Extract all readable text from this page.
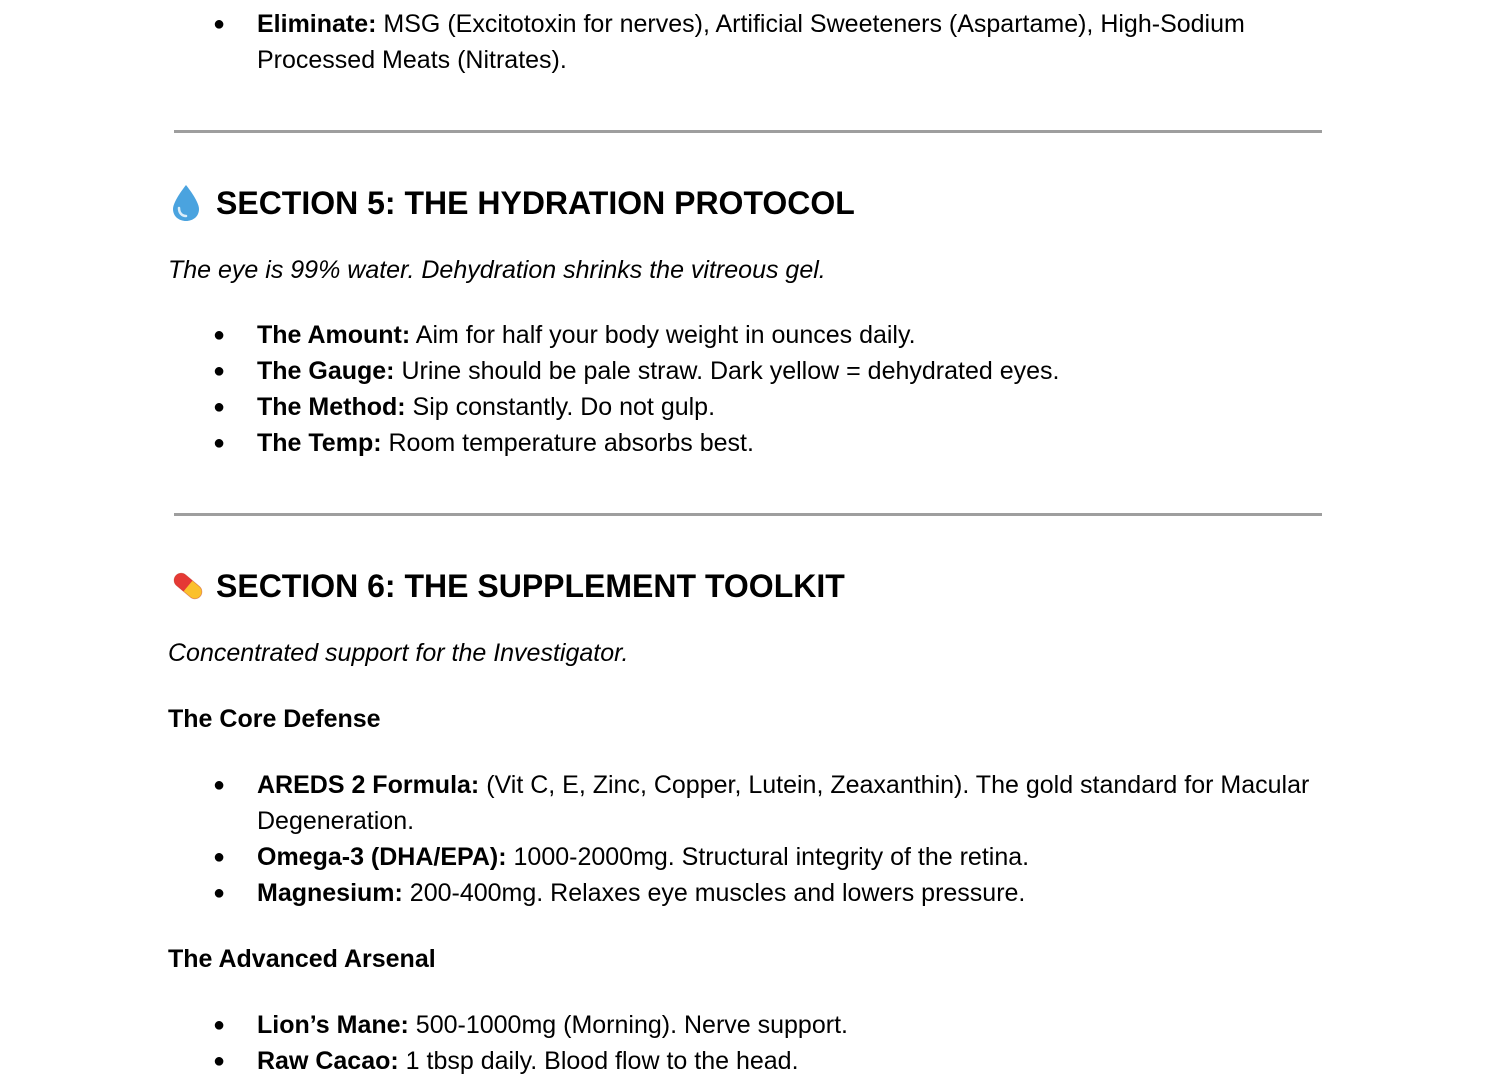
● Eliminate: MSG (Excitotoxin for nerves), Artificial Sweeteners (Aspartame), High-Sodium Processed Meats (Nitrates).
SECTION 5: THE HYDRATION PROTOCOL
The eye is 99% water. Dehydration shrinks the vitreous gel.
● The Amount: Aim for half your body weight in ounces daily.
● The Gauge: Urine should be pale straw. Dark yellow = dehydrated eyes.
● The Method: Sip constantly. Do not gulp.
● The Temp: Room temperature absorbs best.
SECTION 6: THE SUPPLEMENT TOOLKIT
Concentrated support for the Investigator.
The Core Defense
● AREDS 2 Formula: (Vit C, E, Zinc, Copper, Lutein, Zeaxanthin). The gold standard for Macular Degeneration.
● Omega-3 (DHA/EPA): 1000-2000mg. Structural integrity of the retina.
● Magnesium: 200-400mg. Relaxes eye muscles and lowers pressure.
The Advanced Arsenal
● Lion’s Mane: 500-1000mg (Morning). Nerve support.
● Raw Cacao: 1 tbsp daily. Blood flow to the head.
